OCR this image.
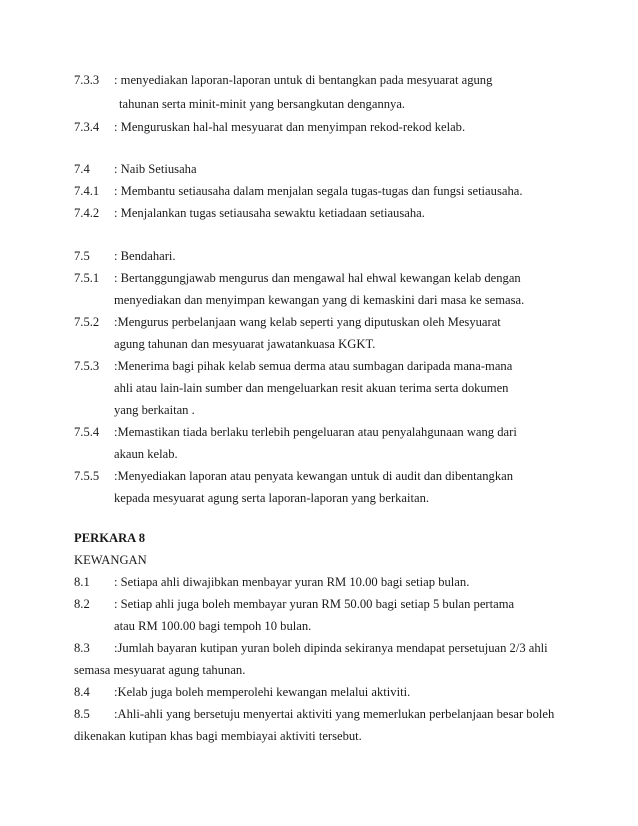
7.3.3 : menyediakan laporan-laporan untuk di bentangkan pada mesyuarat agung
tahunan serta minit-minit yang bersangkutan dengannya.
7.3.4 : Menguruskan hal-hal mesyuarat dan menyimpan rekod-rekod kelab.
7.4 : Naib Setiusaha
7.4.1 : Membantu setiausaha dalam menjalan segala tugas-tugas dan fungsi setiausaha.
7.4.2 : Menjalankan tugas setiausaha sewaktu ketiadaan setiausaha.
7.5 : Bendahari.
7.5.1 : Bertanggungjawab mengurus dan mengawal hal ehwal kewangan kelab dengan
menyediakan dan menyimpan kewangan yang di kemaskini dari masa ke semasa.
7.5.2 :Mengurus perbelanjaan wang kelab seperti yang diputuskan oleh Mesyuarat
agung tahunan dan mesyuarat jawatankuasa KGKT.
7.5.3 :Menerima bagi pihak kelab semua derma atau sumbagan daripada mana-mana
ahli atau lain-lain sumber dan mengeluarkan resit akuan terima serta dokumen
yang berkaitan .
7.5.4 :Memastikan tiada berlaku terlebih pengeluaran atau penyalahgunaan wang dari
akaun kelab.
7.5.5 :Menyediakan laporan atau penyata kewangan untuk di audit dan dibentangkan
kepada mesyuarat agung serta laporan-laporan yang berkaitan.
PERKARA 8
KEWANGAN
8.1 : Setiapa ahli diwajibkan menbayar yuran RM 10.00 bagi setiap bulan.
8.2 : Setiap ahli juga boleh membayar yuran RM 50.00 bagi setiap 5 bulan pertama
atau RM 100.00 bagi tempoh 10 bulan.
8.3 :Jumlah bayaran kutipan yuran boleh dipinda sekiranya mendapat persetujuan 2/3 ahli
semasa mesyuarat agung tahunan.
8.4 :Kelab juga boleh memperolehi kewangan melalui aktiviti.
8.5 :Ahli-ahli yang bersetuju menyertai aktiviti yang memerlukan perbelanjaan besar boleh
dikenakan kutipan khas bagi membiayai aktiviti tersebut.
